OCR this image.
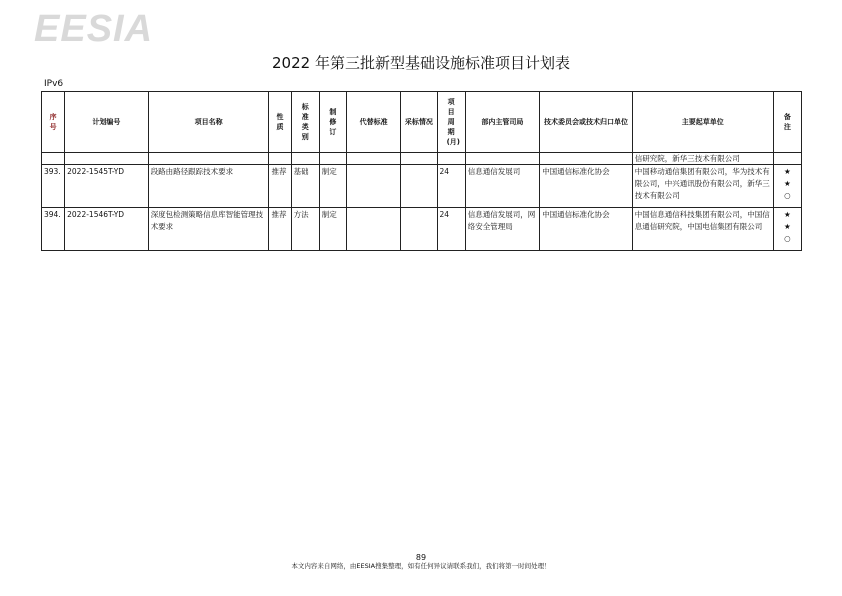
EESIA
2022 年第三批新型基础设施标准项目计划表
IPv6
序号	计划编号	项目名称	性质	标准类别	制修订	代替标准	采标情况	项目周期(月)	部内主管司局	技术委员会或技术归口单位	主要起草单位	备注

											信研究院，新华三技术有限公司	
393.	2022-1545T-YD	段路由路径跟踪技术要求	推荐	基础	制定			24	信息通信发展司	中国通信标准化协会	中国移动通信集团有限公司，华为技术有限公司，中兴通讯股份有限公司，新华三技术有限公司	★
★
○

394.	2022-1546T-YD	深度包检测策略信息库智能管理技术要求	推荐	方法	制定			24	信息通信发展司，网络安全管理局	中国通信标准化协会	中国信息通信科技集团有限公司，中国信息通信研究院，中国电信集团有限公司	★
★
○
89
本文内容来自网络，由EESIA搜集整理，如有任何异议请联系我们，我们将第一时间处理！
